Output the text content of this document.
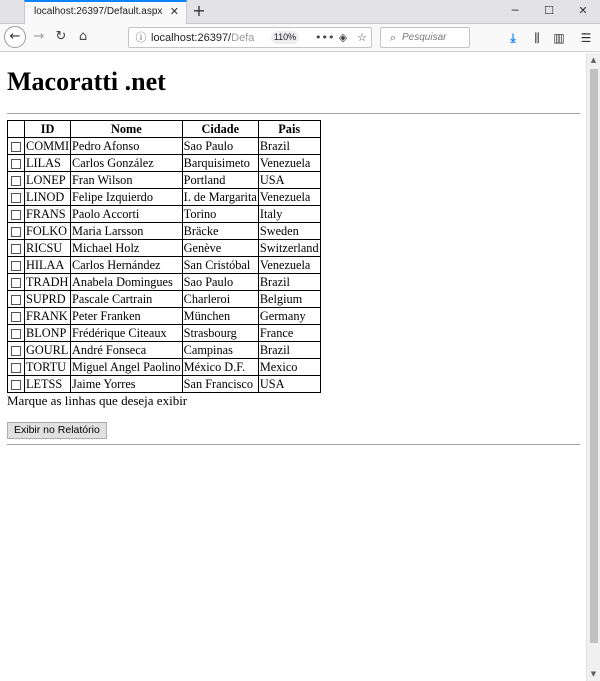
localhost:26397/Default.aspx ✕ +	─	☐	✕
←	→ ↻ ⌂	ⓘ localhost:26397/Defa	110% ••• ◈ ☆	⌕ Pesquisar	⤓	⫼	▥	☰
Macoratti .net
	ID	Nome	Cidade	Pais
	COMMI	Pedro Afonso	Sao Paulo	Brazil
	LILAS	Carlos González	Barquisimeto	Venezuela
	LONEP	Fran Wilson	Portland	USA
	LINOD	Felipe Izquierdo	I. de Margarita	Venezuela
	FRANS	Paolo Accorti	Torino	Italy
	FOLKO	Maria Larsson	Bräcke	Sweden
	RICSU	Michael Holz	Genève	Switzerland
	HILAA	Carlos Hernández	San Cristóbal	Venezuela
	TRADH	Anabela Domingues	Sao Paulo	Brazil
	SUPRD	Pascale Cartrain	Charleroi	Belgium
	FRANK	Peter Franken	München	Germany
	BLONP	Frédérique Citeaux	Strasbourg	France
	GOURL	André Fonseca	Campinas	Brazil
	TORTU	Miguel Angel Paolino	México D.F.	Mexico
	LETSS	Jaime Yorres	San Francisco	USA
Marque as linhas que deseja exibir
Exibir no Relatório
▲
▼
